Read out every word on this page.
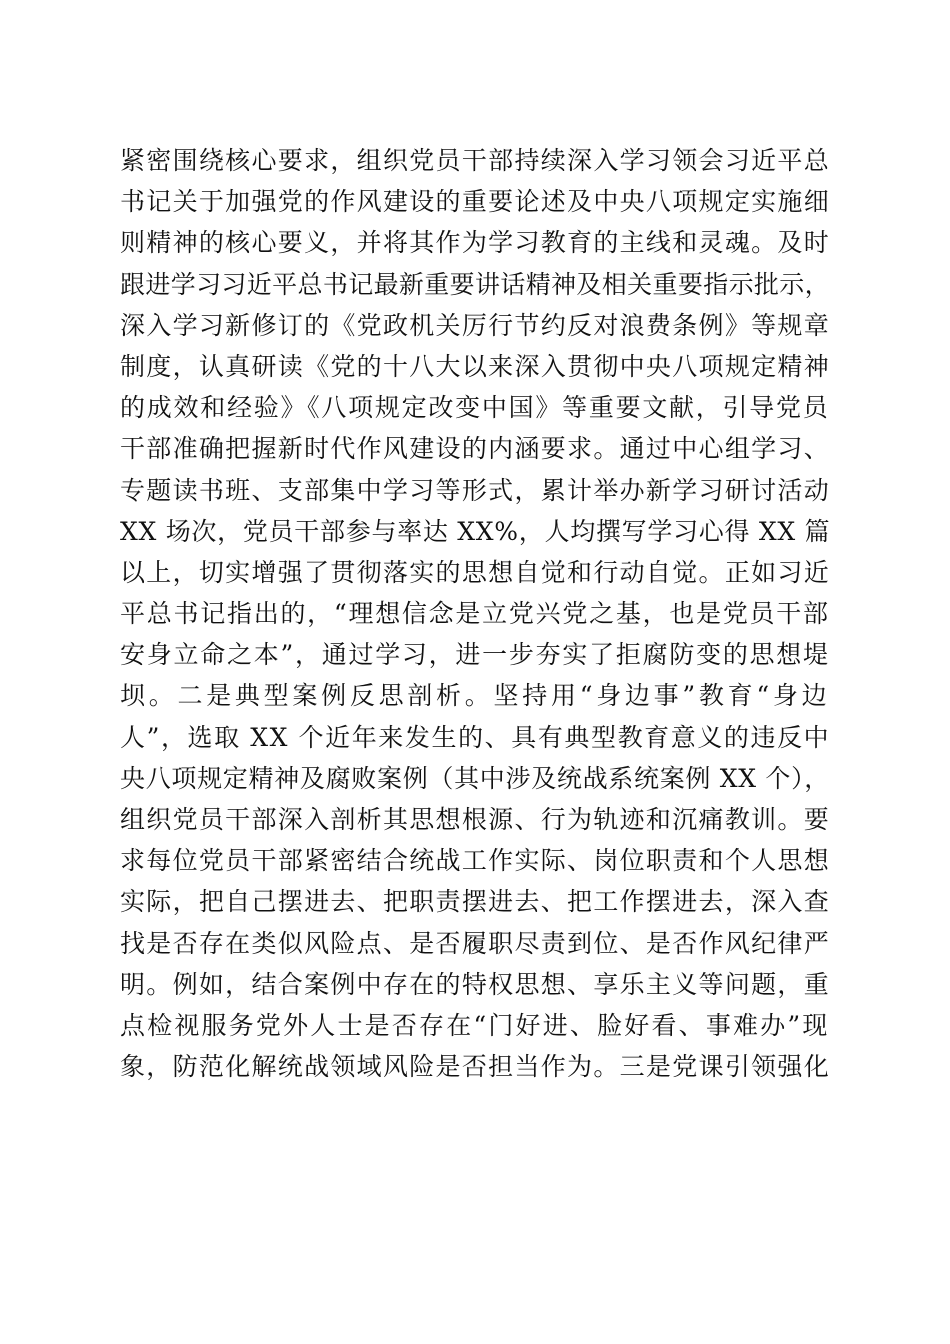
紧密围绕核心要求，组织党员干部持续深入学习领会习近平总
书记关于加强党的作风建设的重要论述及中央八项规定实施细
则精神的核心要义，并将其作为学习教育的主线和灵魂。及时
跟进学习习近平总书记最新重要讲话精神及相关重要指示批示，
深入学习新修订的《党政机关厉行节约反对浪费条例》等规章
制度，认真研读《党的十八大以来深入贯彻中央八项规定精神
的成效和经验》《八项规定改变中国》等重要文献，引导党员
干部准确把握新时代作风建设的内涵要求。通过中心组学习、
专题读书班、支部集中学习等形式，累计举办新学习研讨活动
XX 场次，党员干部参与率达 XX%，人均撰写学习心得 XX 篇
以上，切实增强了贯彻落实的思想自觉和行动自觉。正如习近
平总书记指出的，“理想信念是立党兴党之基，也是党员干部
安身立命之本”，通过学习，进一步夯实了拒腐防变的思想堤
坝。二是典型案例反思剖析。坚持用“身边事”教育“身边
人”，选取 XX 个近年来发生的、具有典型教育意义的违反中
央八项规定精神及腐败案例（其中涉及统战系统案例 XX 个），
组织党员干部深入剖析其思想根源、行为轨迹和沉痛教训。要
求每位党员干部紧密结合统战工作实际、岗位职责和个人思想
实际，把自己摆进去、把职责摆进去、把工作摆进去，深入查
找是否存在类似风险点、是否履职尽责到位、是否作风纪律严
明。例如，结合案例中存在的特权思想、享乐主义等问题，重
点检视服务党外人士是否存在“门好进、脸好看、事难办”现
象，防范化解统战领域风险是否担当作为。三是党课引领强化
